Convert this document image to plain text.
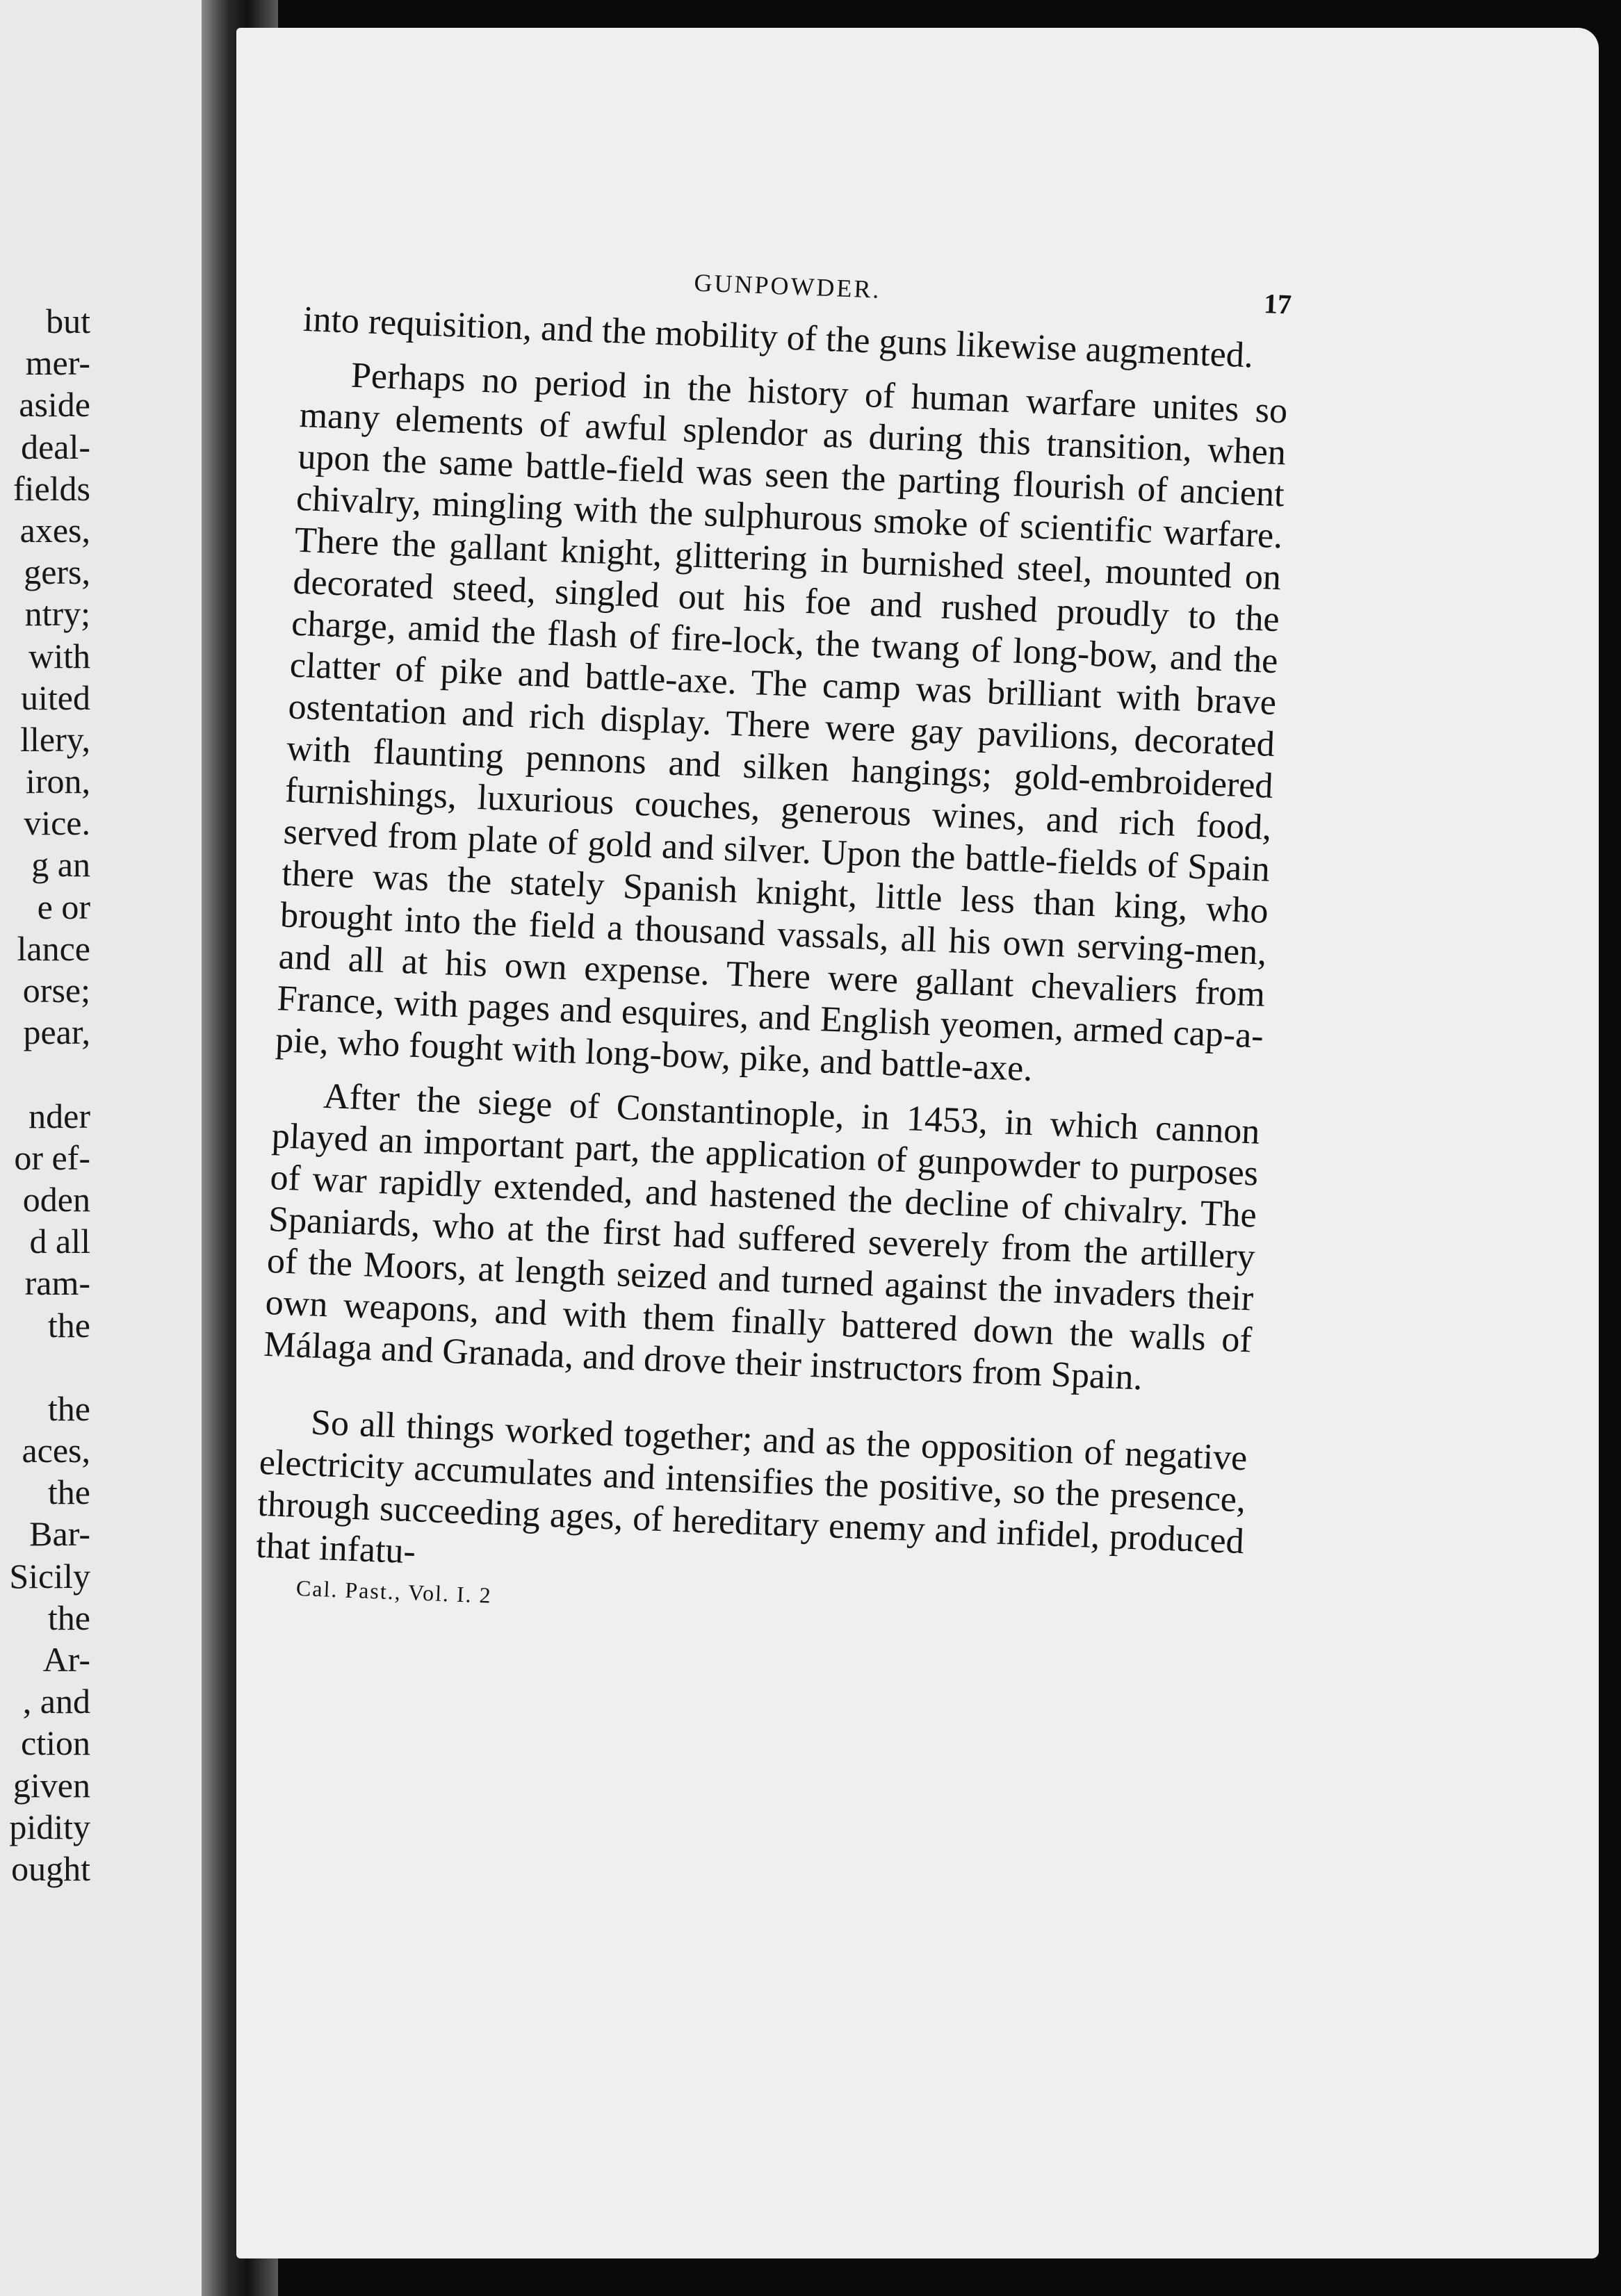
but
mer-
aside
deal-
fields
axes,
gers,
ntry;
with
uited
llery,
iron,
vice.
g an
e or
lance
orse;
pear,
nder
or ef-
oden
d all
ram-
the
the
aces,
the
Bar-
Sicily
the
Ar-
, and
ction
given
pidity
ought
GUNPOWDER.
17

into requisition, and the mobility of the guns likewise augmented.

Perhaps no period in the history of human warfare unites so many elements of awful splendor as during this transition, when upon the same battle-field was seen the parting flourish of ancient chivalry, mingling with the sulphurous smoke of scientific warfare. There the gallant knight, glittering in burnished steel, mounted on decorated steed, singled out his foe and rushed proudly to the charge, amid the flash of fire-lock, the twang of long-bow, and the clatter of pike and battle-axe. The camp was brilliant with brave ostentation and rich display. There were gay pavilions, decorated with flaunting pennons and silken hangings; gold-embroidered furnishings, luxurious couches, generous wines, and rich food, served from plate of gold and silver. Upon the battle-fields of Spain there was the stately Spanish knight, little less than king, who brought into the field a thousand vassals, all his own serving-men, and all at his own expense. There were gallant chevaliers from France, with pages and esquires, and English yeomen, armed cap-a-pie, who fought with long-bow, pike, and battle-axe.

After the siege of Constantinople, in 1453, in which cannon played an important part, the application of gunpowder to purposes of war rapidly extended, and hastened the decline of chivalry. The Spaniards, who at the first had suffered severely from the artillery of the Moors, at length seized and turned against the invaders their own weapons, and with them finally battered down the walls of Málaga and Granada, and drove their instructors from Spain.

So all things worked together; and as the opposition of negative electricity accumulates and intensifies the positive, so the presence, through succeeding ages, of hereditary enemy and infidel, produced that infatu-

Cal. Past., Vol. I. 2
